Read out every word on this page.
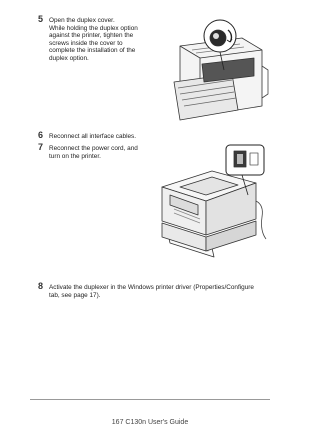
5 Open the duplex cover.
While holding the duplex option
against the printer, tighten the
screws inside the cover to
complete the installation of the
duplex option.
6 Reconnect all interface cables.
7 Reconnect the power cord, and
turn on the printer.
8 Activate the duplexer in the Windows printer driver (Properties/Configure
tab, see page 17).
167 C130n User's Guide
